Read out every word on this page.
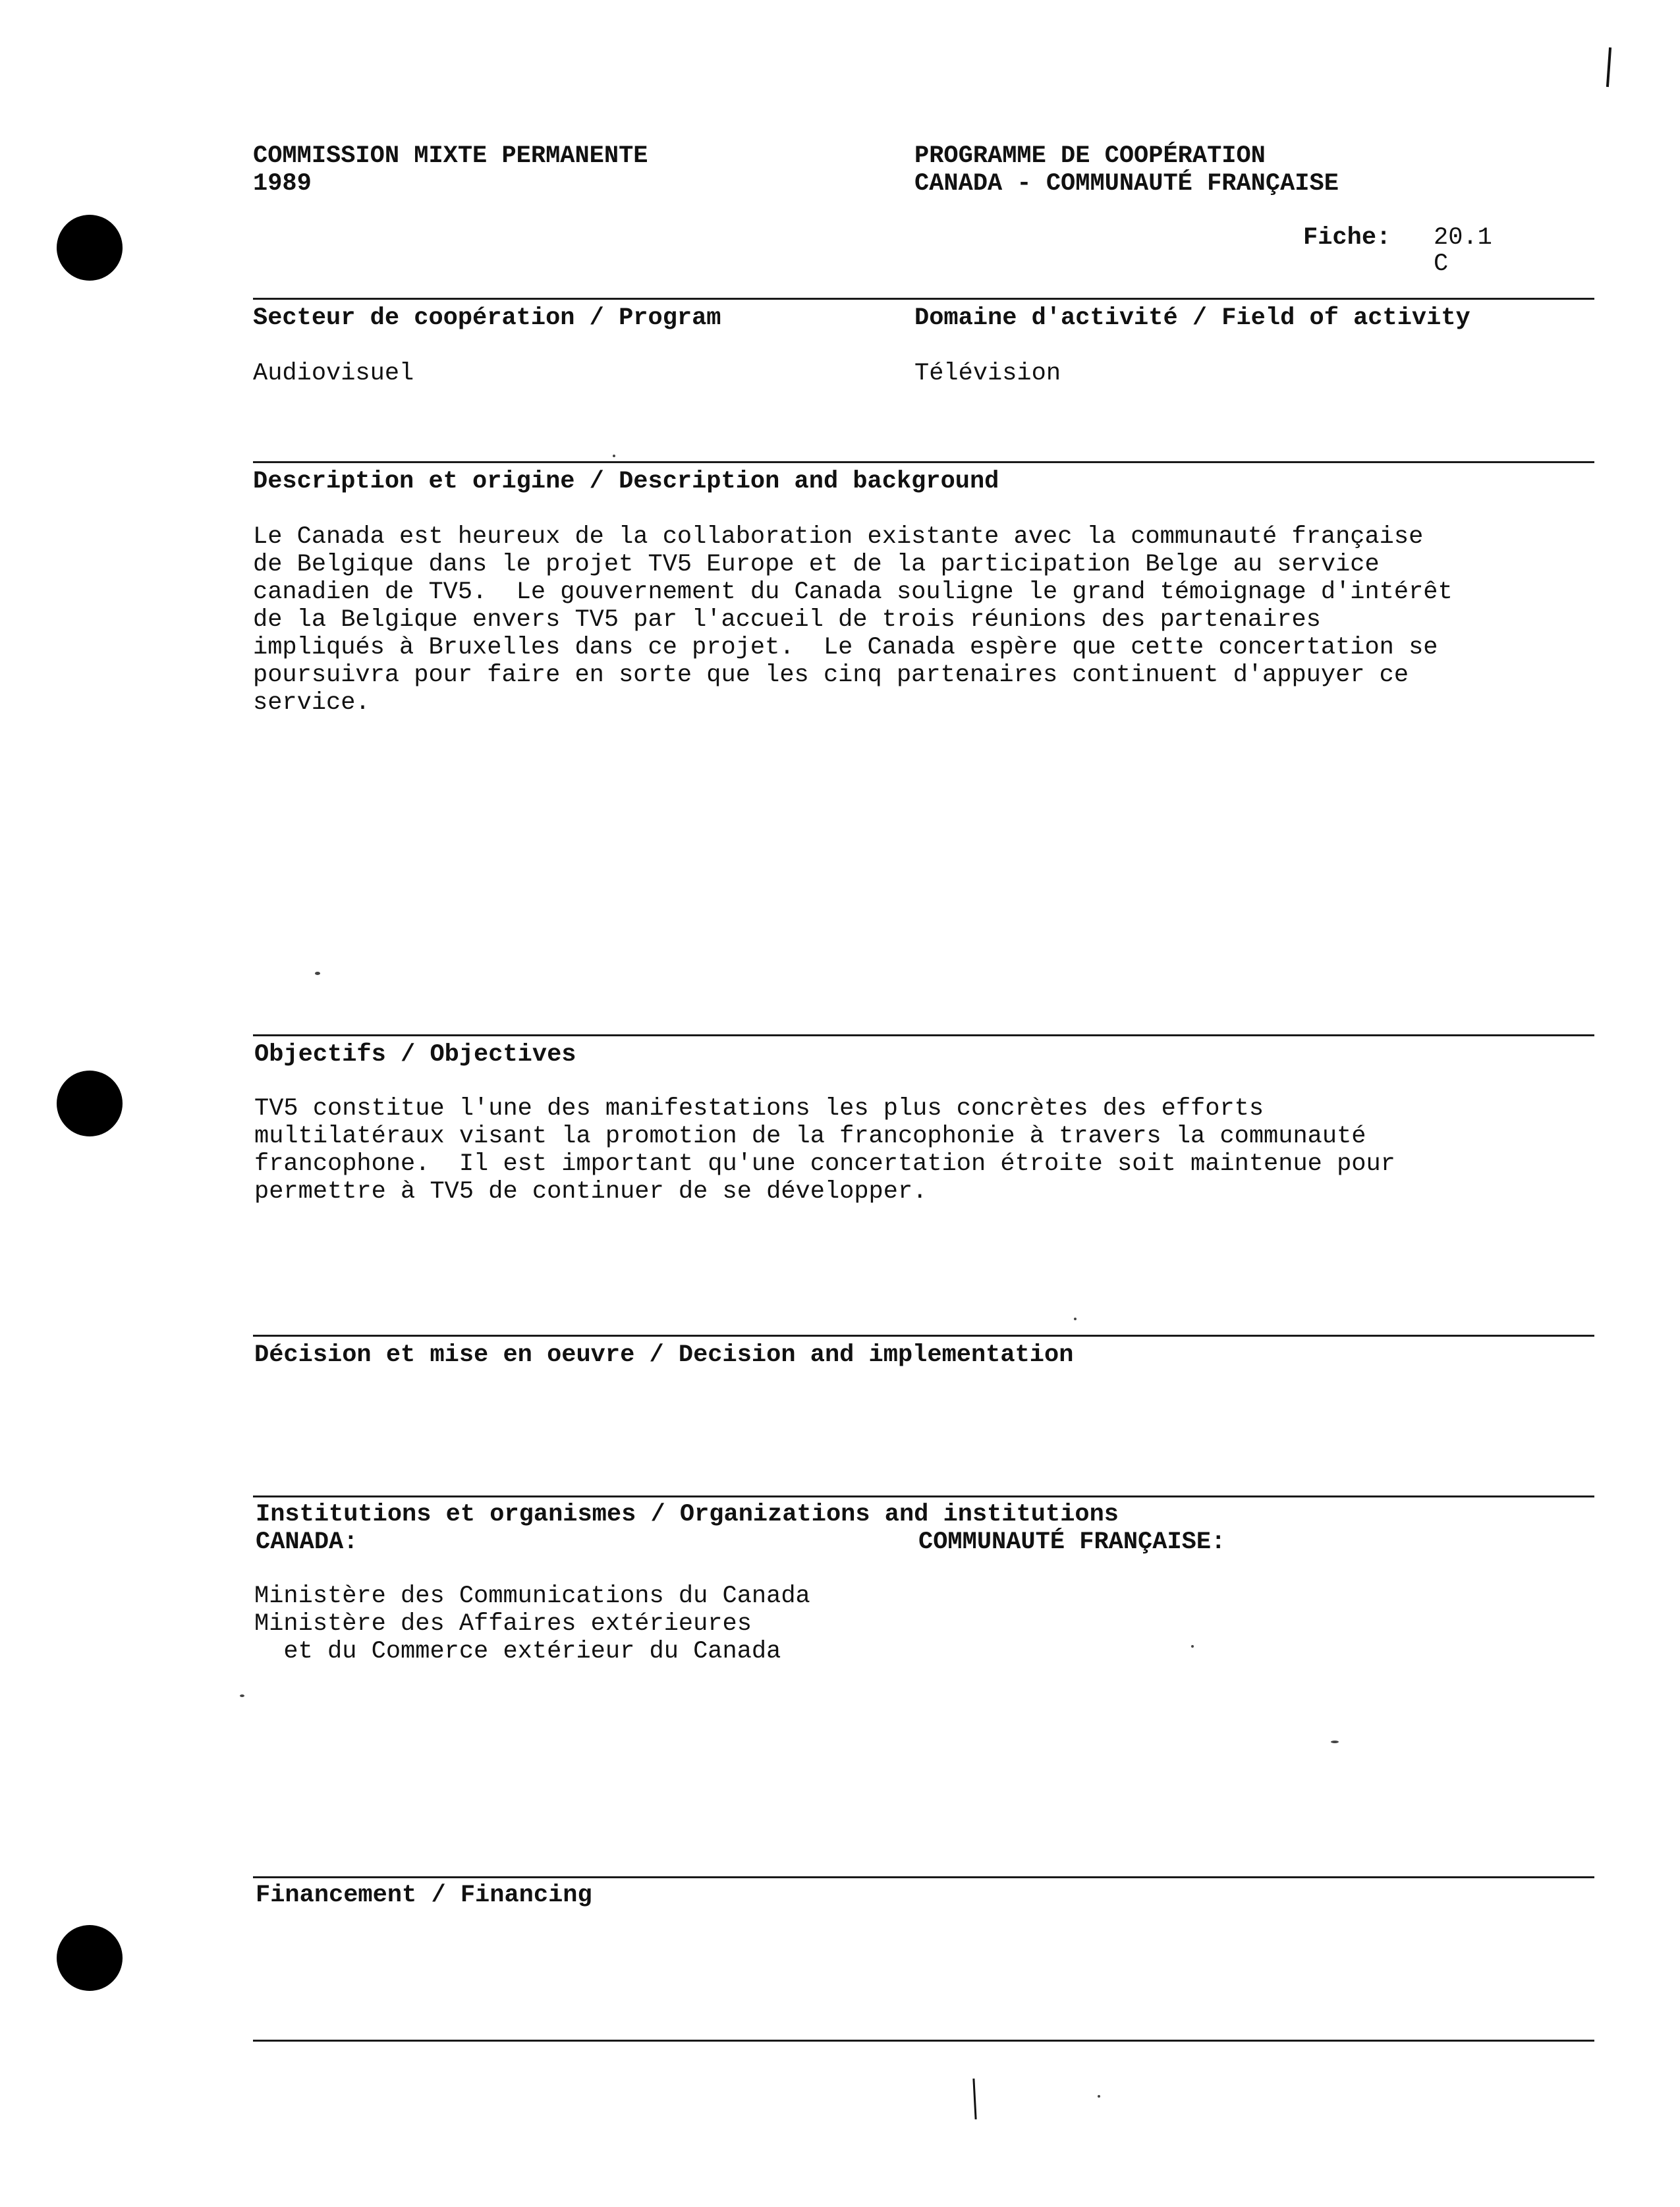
COMMISSION MIXTE PERMANENTE
1989
PROGRAMME DE COOPÉRATION
CANADA - COMMUNAUTÉ FRANÇAISE
Fiche: 20.1
C
Secteur de coopération / Program	Domaine d'activité / Field of activity
Audiovisuel	Télévision
Description et origine / Description and background
Le Canada est heureux de la collaboration existante avec la communauté française
de Belgique dans le projet TV5 Europe et de la participation Belge au service
canadien de TV5.  Le gouvernement du Canada souligne le grand témoignage d'intérêt
de la Belgique envers TV5 par l'accueil de trois réunions des partenaires
impliqués à Bruxelles dans ce projet.  Le Canada espère que cette concertation se
poursuivra pour faire en sorte que les cinq partenaires continuent d'appuyer ce
service.
Objectifs / Objectives
TV5 constitue l'une des manifestations les plus concrètes des efforts
multilatéraux visant la promotion de la francophonie à travers la communauté
francophone.  Il est important qu'une concertation étroite soit maintenue pour
permettre à TV5 de continuer de se développer.
Décision et mise en oeuvre / Decision and implementation
Institutions et organismes / Organizations and institutions
CANADA:	COMMUNAUTÉ FRANÇAISE:
Ministère des Communications du Canada
Ministère des Affaires extérieures
et du Commerce extérieur du Canada
Financement / Financing
